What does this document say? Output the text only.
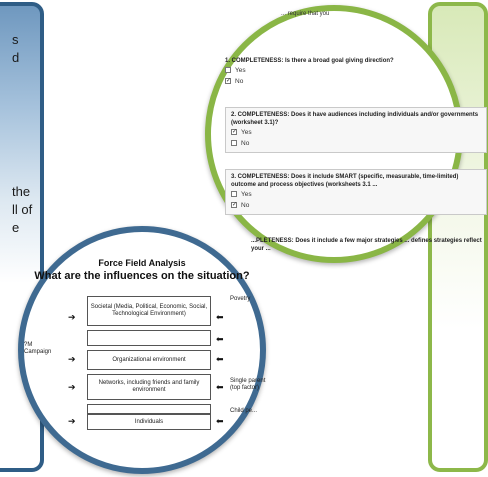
s
d
the
ll of
e
... require that you
1. COMPLETENESS: Is there a broad goal giving direction?
Yes
✓ No
2. COMPLETENESS: Does it have audiences including individuals and/or governments (worksheet 3.1)?
✓ Yes
No
3. COMPLETENESS: Does it include SMART (specific, measurable, time-limited) outcome and process objectives (worksheets 3.1 ...
Yes
✓ No
...PLETENESS: Does it include a few major strategies ... defines strategies reflect your ...
Force Field Analysis
What are the influences on the situation?
?M Campaign
Societal (Media, Political, Economic, Social, Technological Environment)
Organizational environment
Networks, including friends and family environment
Individuals
➔
➔
➔
➔
⬅
⬅
⬅
⬅
⬅
Povetry
Single parent (top factor)
Child pe...
